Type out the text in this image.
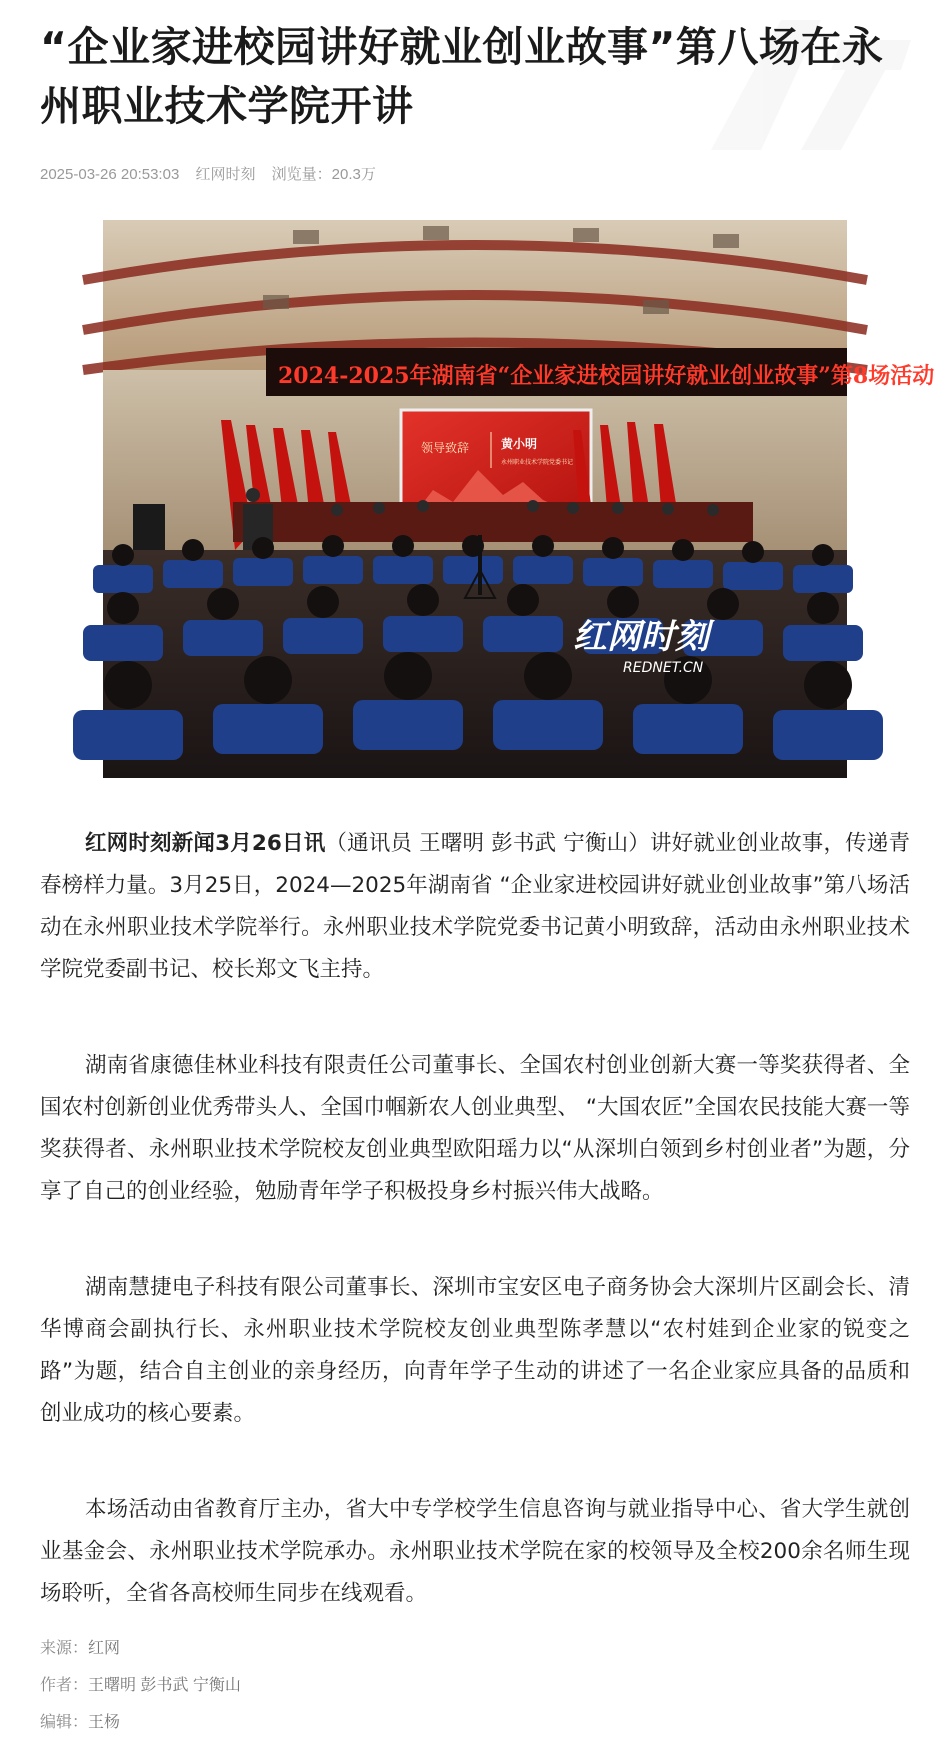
“企业家进校园讲好就业创业故事”第八场在永州职业技术学院开讲
2025-03-26 20:53:03 红网时刻 浏览量：20.3万
2024-2025年湖南省“企业家进校园讲好就业创业故事”第8场活动
领导致辞	黄小明
永州职业技术学院党委书记
红网时刻
REDNET.CN

红网时刻新闻3月26日讯（通讯员 王曙明 彭书武 宁衡山）讲好就业创业故事，传递青春榜样力量。3月25日，2024—2025年湖南省 “企业家进校园讲好就业创业故事”第八场活动在永州职业技术学院举行。永州职业技术学院党委书记黄小明致辞，活动由永州职业技术学院党委副书记、校长郑文飞主持。

湖南省康德佳林业科技有限责任公司董事长、全国农村创业创新大赛一等奖获得者、全国农村创新创业优秀带头人、全国巾帼新农人创业典型、 “大国农匠”全国农民技能大赛一等奖获得者、永州职业技术学院校友创业典型欧阳瑶力以“从深圳白领到乡村创业者”为题，分享了自己的创业经验，勉励青年学子积极投身乡村振兴伟大战略。

湖南慧捷电子科技有限公司董事长、深圳市宝安区电子商务协会大深圳片区副会长、清华博商会副执行长、永州职业技术学院校友创业典型陈孝慧以“农村娃到企业家的锐变之路”为题，结合自主创业的亲身经历，向青年学子生动的讲述了一名企业家应具备的品质和创业成功的核心要素。

本场活动由省教育厅主办，省大中专学校学生信息咨询与就业指导中心、省大学生就创业基金会、永州职业技术学院承办。永州职业技术学院在家的校领导及全校200余名师生现场聆听，全省各高校师生同步在线观看。

来源：红网
作者：王曙明 彭书武 宁衡山
编辑：王杨
